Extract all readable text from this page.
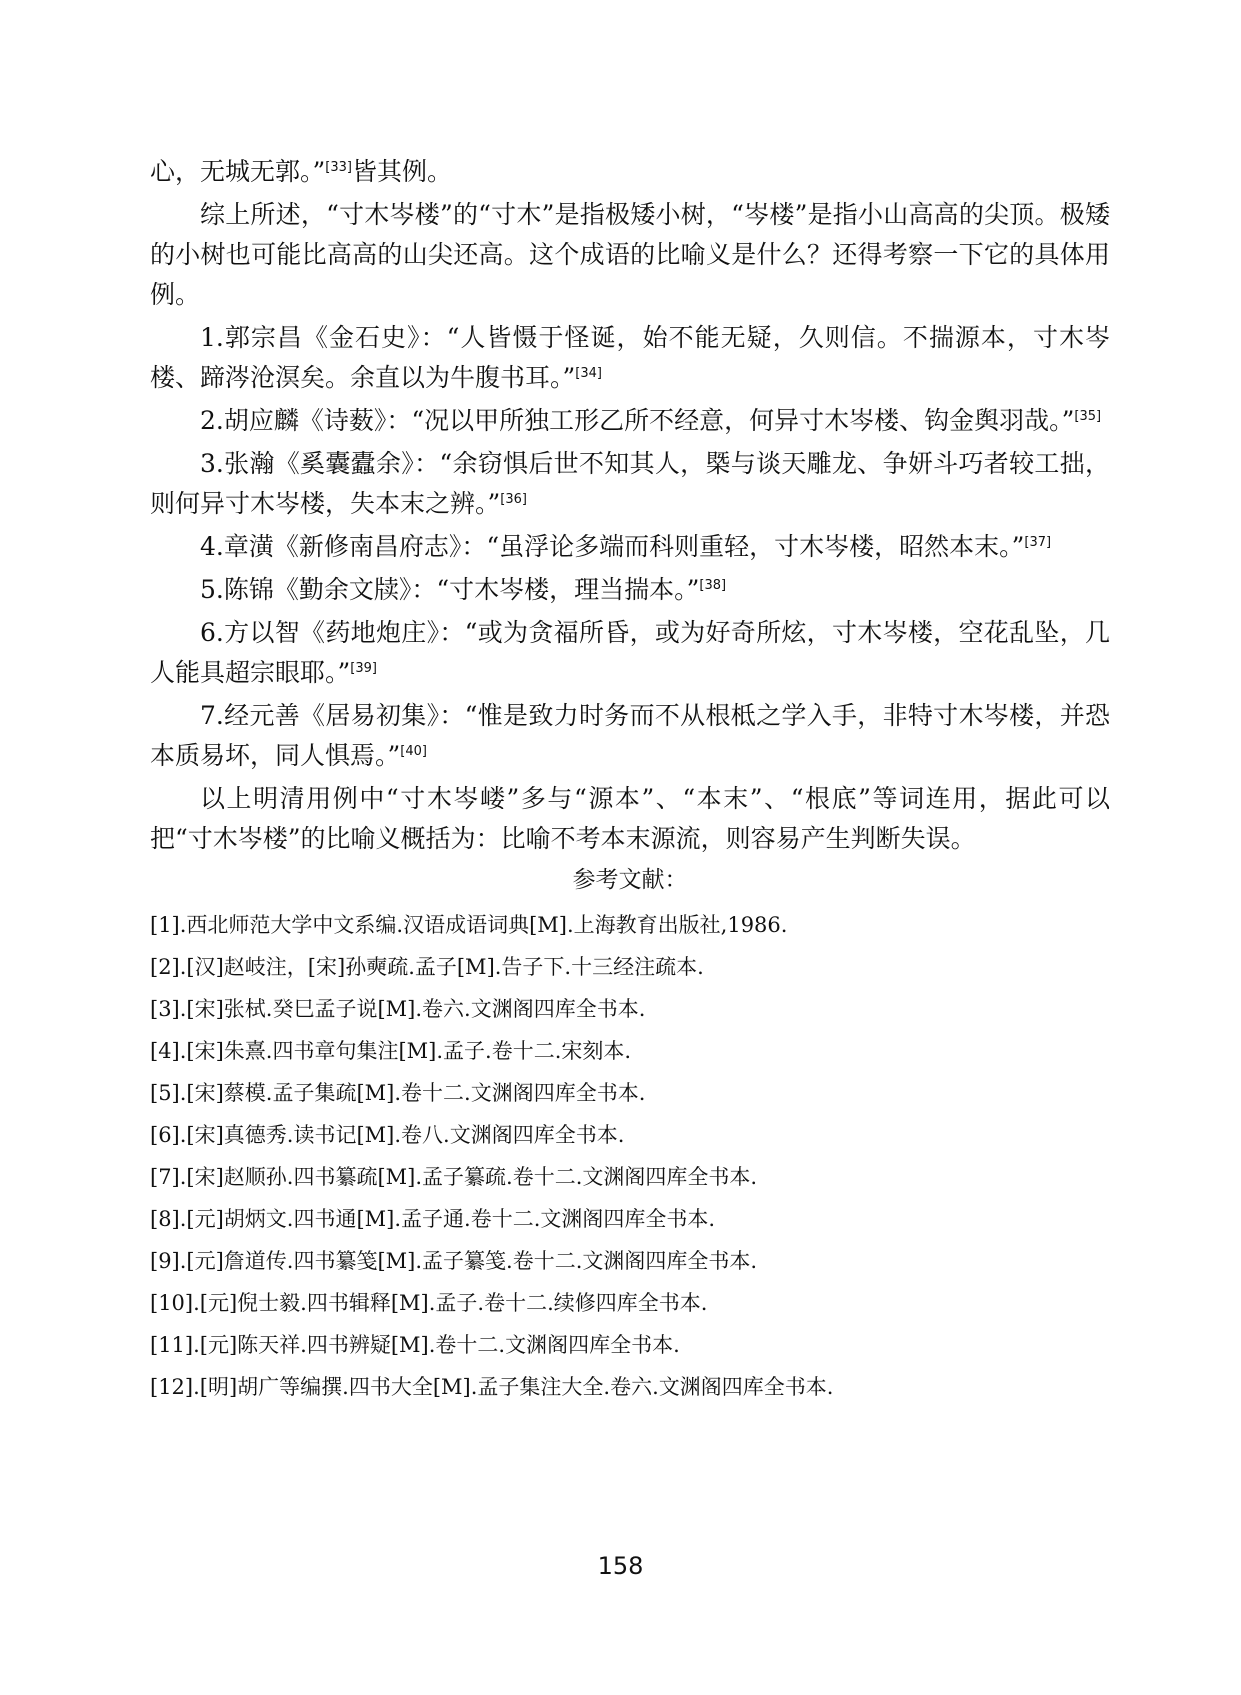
心，无城无郭。”[33]皆其例。

综上所述，“寸木岑楼”的“寸木”是指极矮小树，“岑楼”是指小山高高的尖顶。极矮的小树也可能比高高的山尖还高。这个成语的比喻义是什么？还得考察一下它的具体用例。

1.郭宗昌《金石史》：“人皆慑于怪诞，始不能无疑，久则信。不揣源本，寸木岑楼、蹄涔沧溟矣。余直以为牛腹书耳。”[34]

2.胡应麟《诗薮》：“况以甲所独工形乙所不经意，何异寸木岑楼、钩金舆羽哉。”[35]

3.张瀚《奚囊蠹余》：“余窃惧后世不知其人，槩与谈天雕龙、争妍斗巧者较工拙，则何异寸木岑楼，失本末之辨。”[36]

4.章潢《新修南昌府志》：“虽浮论多端而科则重轻，寸木岑楼，昭然本末。”[37]

5.陈锦《勤余文牍》：“寸木岑楼，理当揣本。”[38]

6.方以智《药地炮庄》：“或为贪福所昏，或为好奇所炫，寸木岑楼，空花乱坠，几人能具超宗眼耶。”[39]

7.经元善《居易初集》：“惟是致力时务而不从根柢之学入手，非特寸木岑楼，并恐本质易坏，同人惧焉。”[40]

以上明清用例中“寸木岑嵝”多与“源本”、“本末”、“根底”等词连用，据此可以把“寸木岑楼”的比喻义概括为：比喻不考本末源流，则容易产生判断失误。

参考文献：

[1].西北师范大学中文系编.汉语成语词典[M].上海教育出版社,1986.

[2].[汉]赵岐注，[宋]孙奭疏.孟子[M].告子下.十三经注疏本.

[3].[宋]张栻.癸巳孟子说[M].卷六.文渊阁四库全书本.

[4].[宋]朱熹.四书章句集注[M].孟子.卷十二.宋刻本.

[5].[宋]蔡模.孟子集疏[M].卷十二.文渊阁四库全书本.

[6].[宋]真德秀.读书记[M].卷八.文渊阁四库全书本.

[7].[宋]赵顺孙.四书纂疏[M].孟子纂疏.卷十二.文渊阁四库全书本.

[8].[元]胡炳文.四书通[M].孟子通.卷十二.文渊阁四库全书本.

[9].[元]詹道传.四书纂笺[M].孟子纂笺.卷十二.文渊阁四库全书本.

[10].[元]倪士毅.四书辑释[M].孟子.卷十二.续修四库全书本.

[11].[元]陈天祥.四书辨疑[M].卷十二.文渊阁四库全书本.

[12].[明]胡广等编撰.四书大全[M].孟子集注大全.卷六.文渊阁四库全书本.

158
